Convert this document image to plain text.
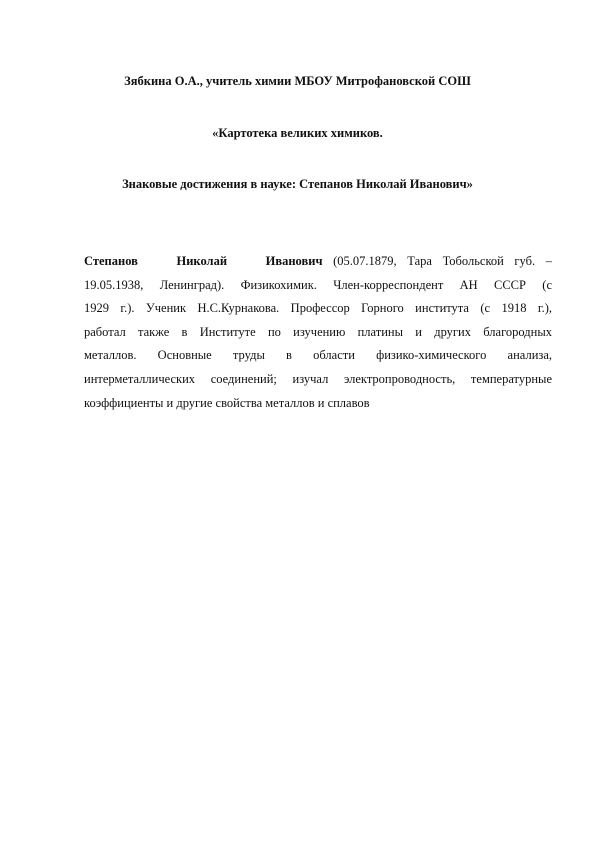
Зябкина О.А., учитель химии МБОУ Митрофановской СОШ
«Картотека великих химиков.
Знаковые достижения в науке: Степанов Николай Иванович»
Степанов Николай Иванович (05.07.1879, Тара Тобольской губ. –
19.05.1938, Ленинград). Физикохимик. Член-корреспондент АН СССР (с
1929 г.). Ученик Н.С.Курнакова. Профессор Горного института (с 1918 г.),
работал также в Институте по изучению платины и других благородных
металлов. Основные труды в области физико-химического анализа,
интерметаллических соединений; изучал электропроводность, температурные
коэффициенты и другие свойства металлов и сплавов
